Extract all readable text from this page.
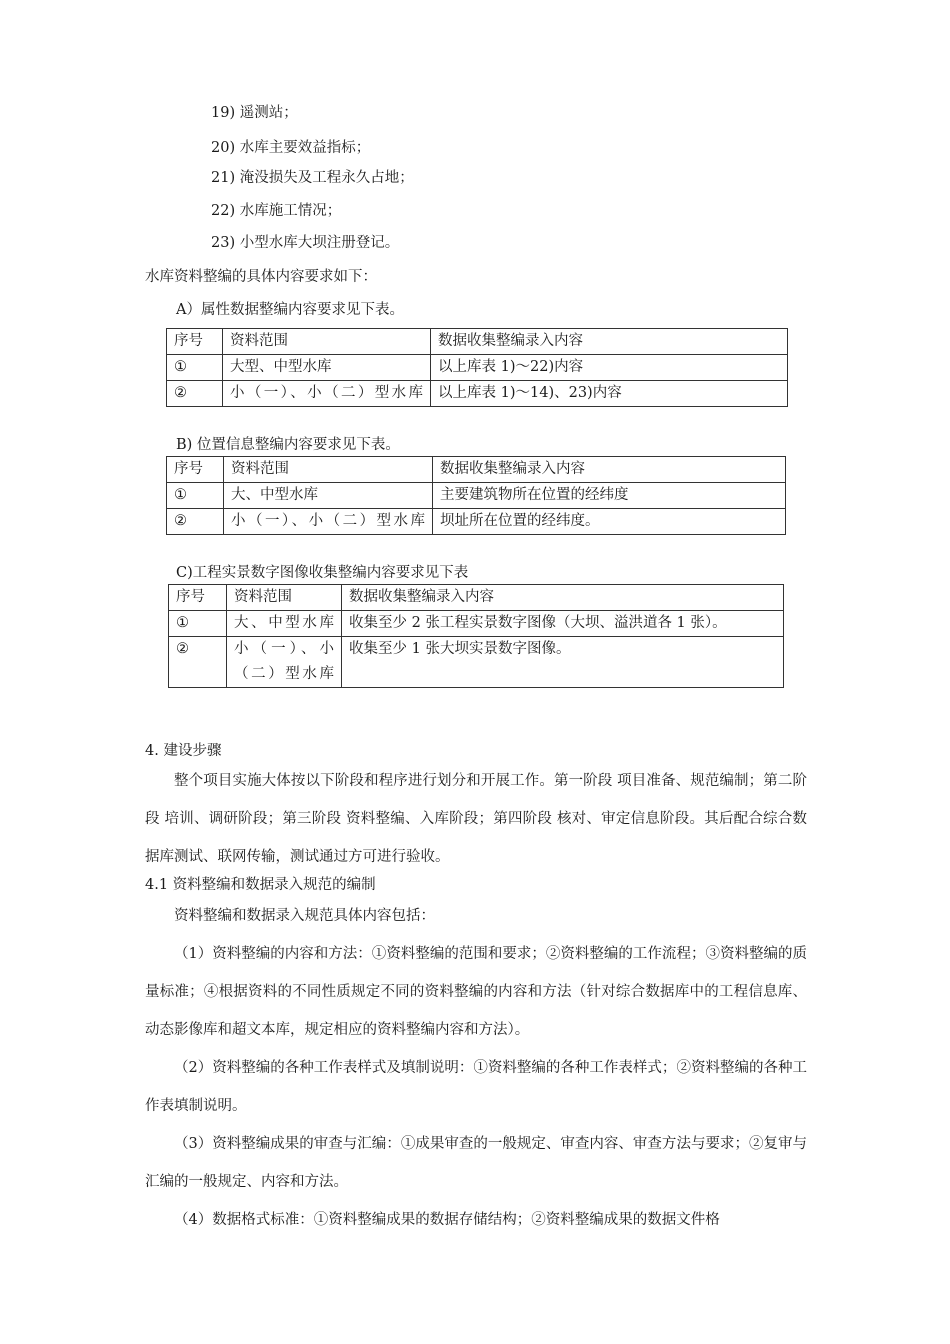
19) 遥测站；
20) 水库主要效益指标；
21) 淹没损失及工程永久占地；
22) 水库施工情况；
23) 小型水库大坝注册登记。
水库资料整编的具体内容要求如下：
A）属性数据整编内容要求见下表。
序号	资料范围	数据收集整编录入内容
①	大型、中型水库	以上库表 1)～22)内容
②	小（一）、小（二）型水库	以上库表 1)～14)、23)内容
B) 位置信息整编内容要求见下表。
序号	资料范围	数据收集整编录入内容
①	大、中型水库	主要建筑物所在位置的经纬度
②	小（一）、小（二）型水库	坝址所在位置的经纬度。
C)工程实景数字图像收集整编内容要求见下表
序号	资料范围	数据收集整编录入内容
①	大、中型水库	收集至少 2 张工程实景数字图像（大坝、溢洪道各 1 张）。
②	小（一）、小（二）型水库	收集至少 1 张大坝实景数字图像。
4. 建设步骤

整个项目实施大体按以下阶段和程序进行划分和开展工作。第一阶段 项目准备、规范编制；第二阶段 培训、调研阶段；第三阶段 资料整编、入库阶段；第四阶段 核对、审定信息阶段。其后配合综合数据库测试、联网传输，测试通过方可进行验收。

4.1 资料整编和数据录入规范的编制

资料整编和数据录入规范具体内容包括：

（1）资料整编的内容和方法：①资料整编的范围和要求；②资料整编的工作流程；③资料整编的质量标准；④根据资料的不同性质规定不同的资料整编的内容和方法（针对综合数据库中的工程信息库、动态影像库和超文本库，规定相应的资料整编内容和方法）。

（2）资料整编的各种工作表样式及填制说明：①资料整编的各种工作表样式；②资料整编的各种工作表填制说明。

（3）资料整编成果的审查与汇编：①成果审查的一般规定、审查内容、审查方法与要求；②复审与汇编的一般规定、内容和方法。

（4）数据格式标准：①资料整编成果的数据存储结构；②资料整编成果的数据文件格
